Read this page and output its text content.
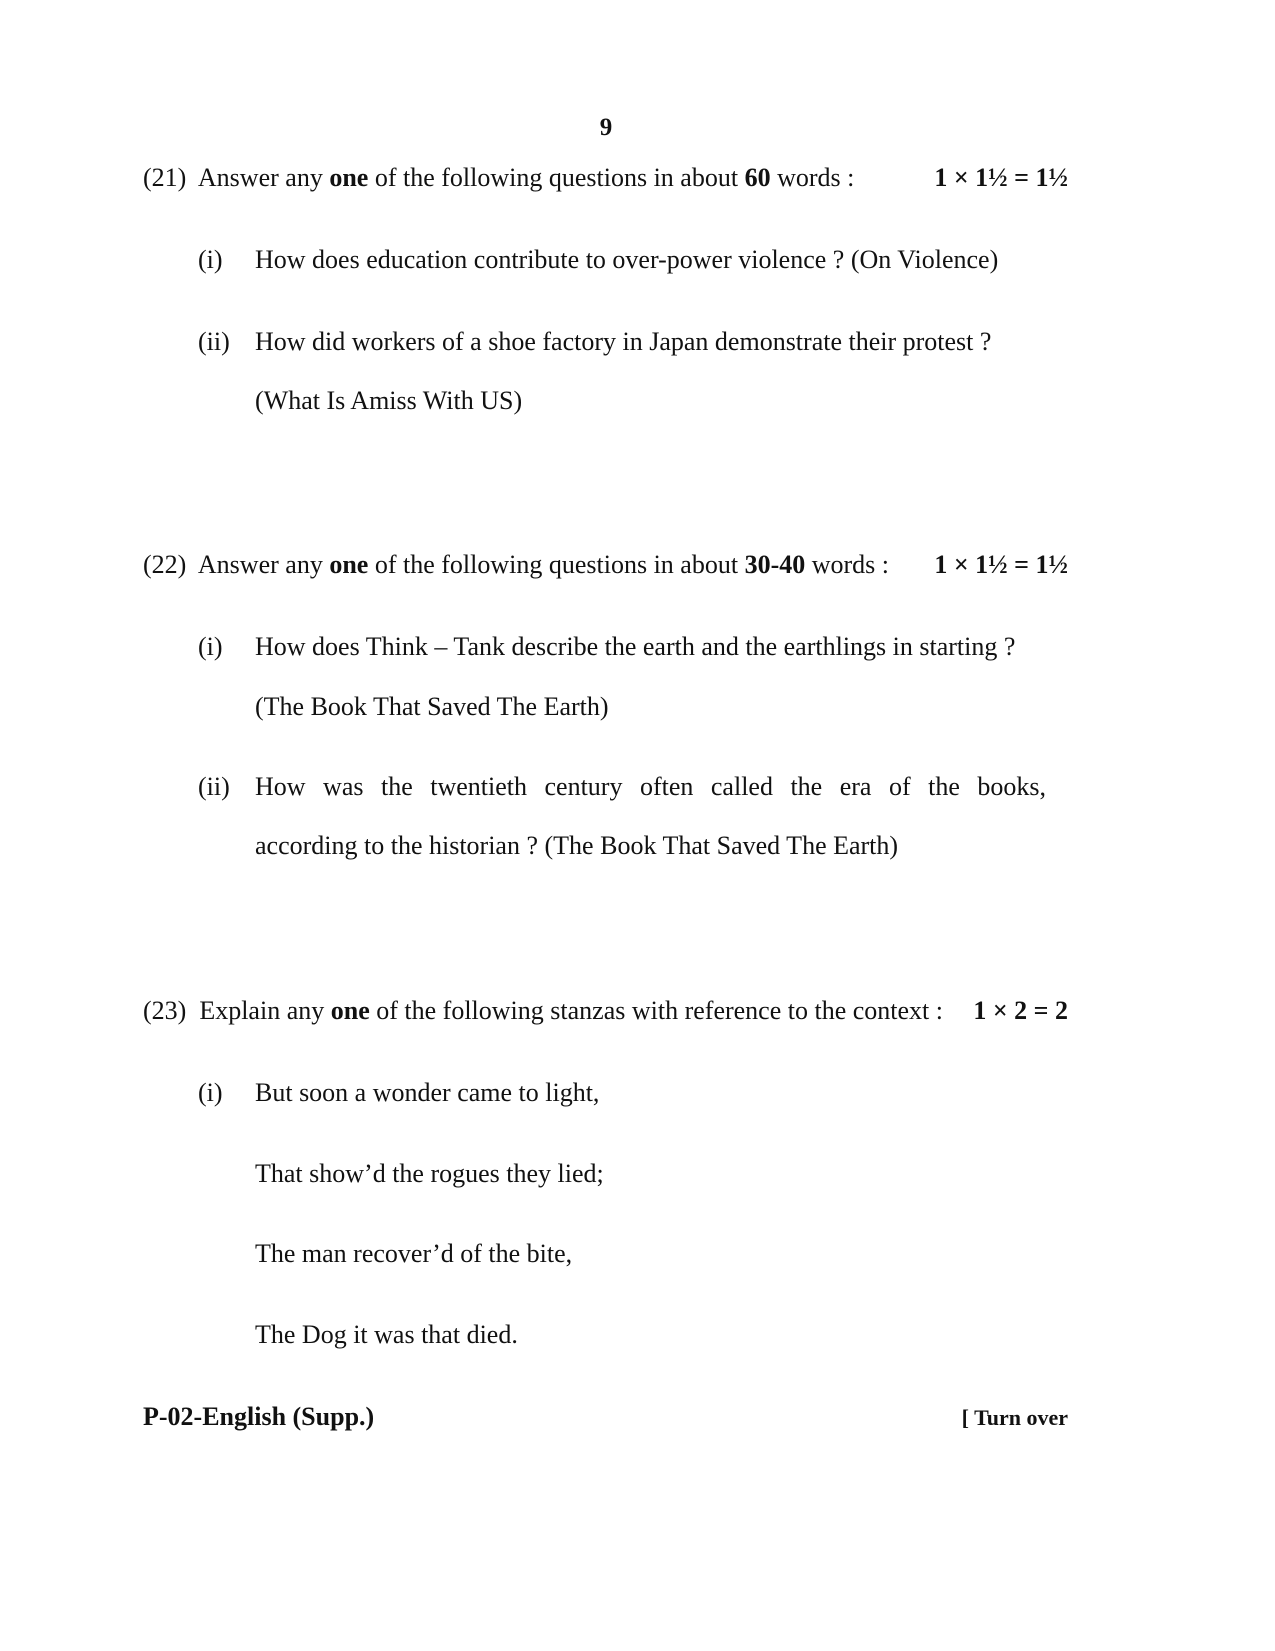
9
(21) Answer any one of the following questions in about 60 words :	1 × 1½ = 1½
(i) How does education contribute to over-power violence ? (On Violence)
(ii) How did workers of a shoe factory in Japan demonstrate their protest ?
(What Is Amiss With US)
(22) Answer any one of the following questions in about 30-40 words : 1 × 1½ = 1½
(i) How does Think – Tank describe the earth and the earthlings in starting ?
(The Book That Saved The Earth)
(ii) How was the twentieth century often called the era of the books,
according to the historian ? (The Book That Saved The Earth)
(23) Explain any one of the following stanzas with reference to the context : 1 × 2 = 2
(i) But soon a wonder came to light,
That show’d the rogues they lied;
The man recover’d of the bite,
The Dog it was that died.
P-02-English (Supp.)	[ Turn over
